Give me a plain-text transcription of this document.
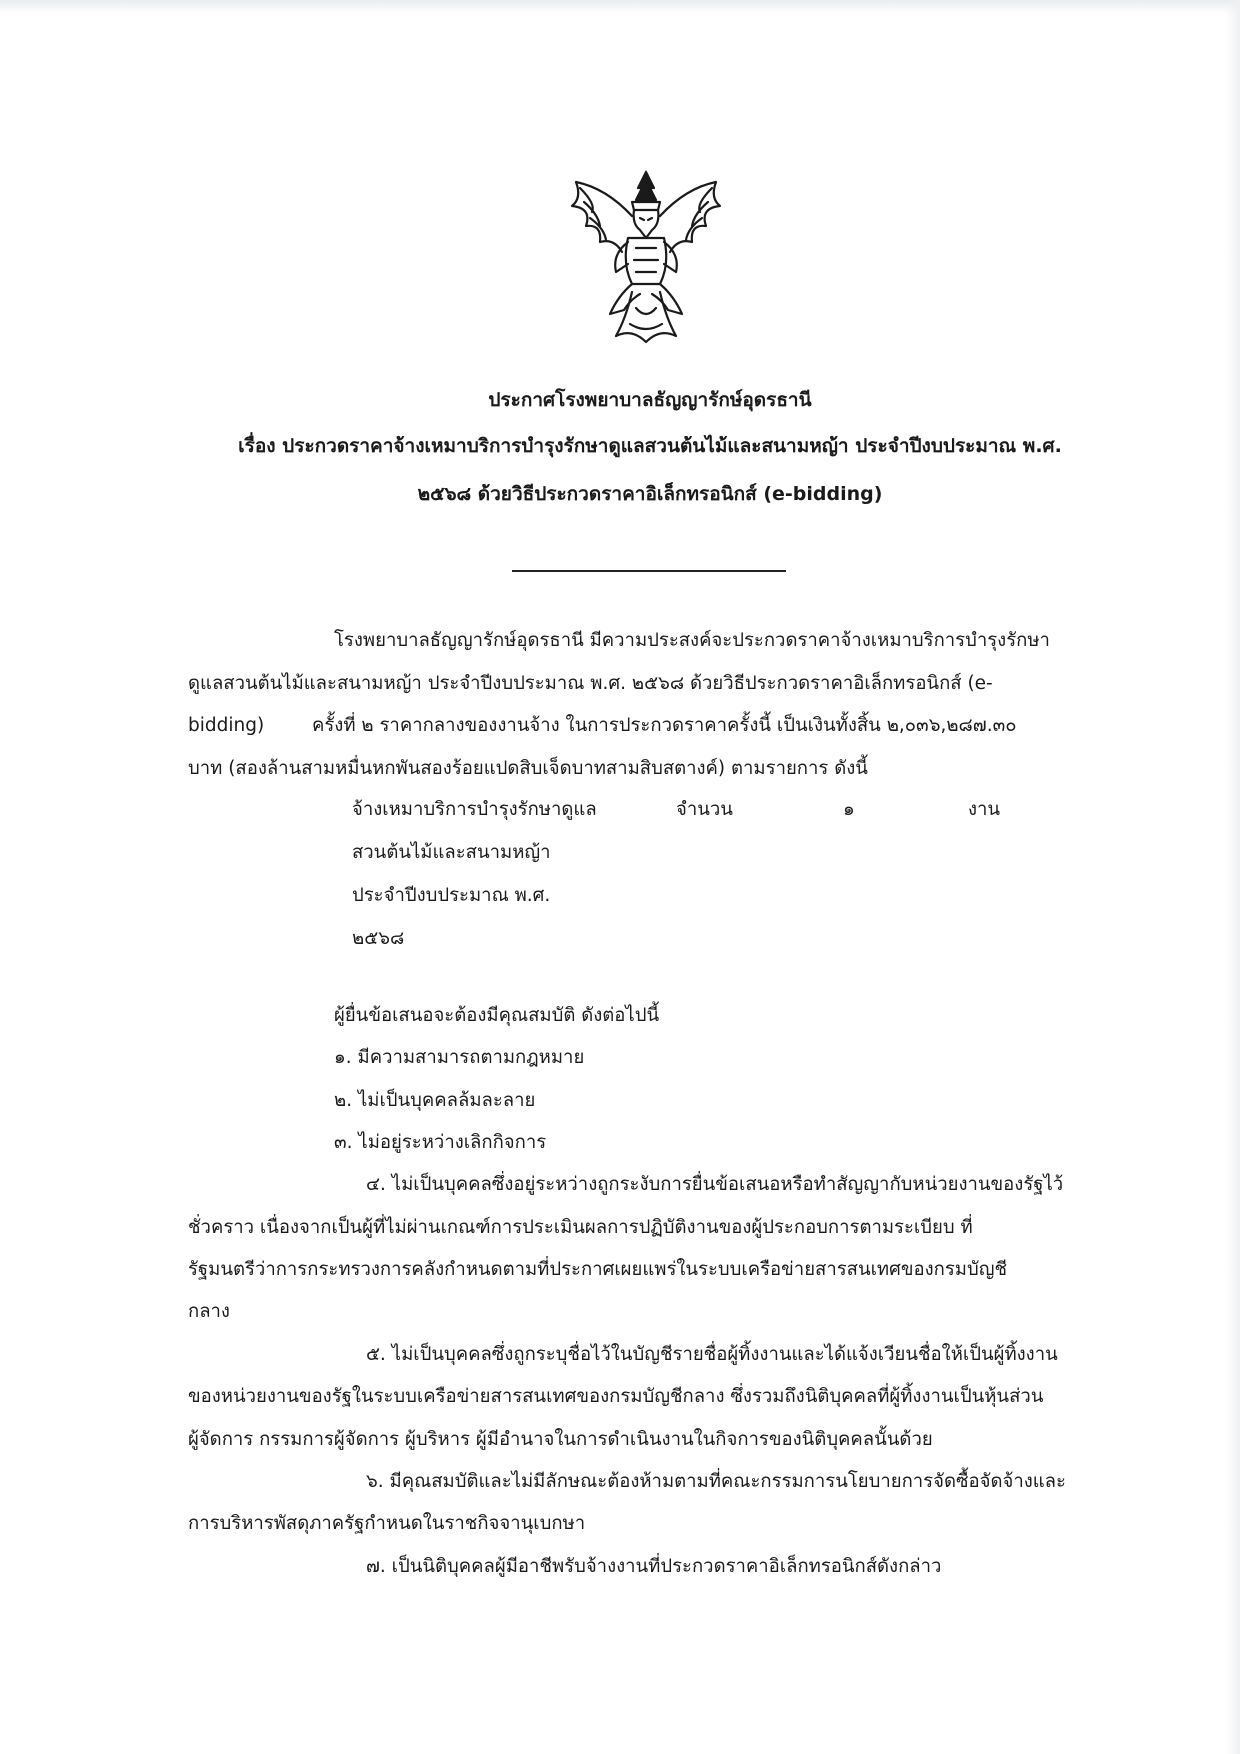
ประกาศโรงพยาบาลธัญญารักษ์อุดรธานี
เรื่อง ประกวดราคาจ้างเหมาบริการบำรุงรักษาดูแลสวนต้นไม้และสนามหญ้า ประจำปีงบประมาณ พ.ศ.
๒๕๖๘ ด้วยวิธีประกวดราคาอิเล็กทรอนิกส์ (e-bidding)
โรงพยาบาลธัญญารักษ์อุดรธานี มีความประสงค์จะประกวดราคาจ้างเหมาบริการบำรุงรักษา
ดูแลสวนต้นไม้และสนามหญ้า ประจำปีงบประมาณ พ.ศ. ๒๕๖๘ ด้วยวิธีประกวดราคาอิเล็กทรอนิกส์ (e-
bidding)	ครั้งที่ ๒ ราคากลางของงานจ้าง ในการประกวดราคาครั้งนี้ เป็นเงินทั้งสิ้น ๒,๐๓๖,๒๘๗.๓๐
บาท (สองล้านสามหมื่นหกพันสองร้อยแปดสิบเจ็ดบาทสามสิบสตางค์) ตามรายการ ดังนี้
จ้างเหมาบริการบำรุงรักษาดูแล
สวนต้นไม้และสนามหญ้า
ประจำปีงบประมาณ พ.ศ.
๒๕๖๘
จำนวน	๑	งาน
ผู้ยื่นข้อเสนอจะต้องมีคุณสมบัติ ดังต่อไปนี้
๑. มีความสามารถตามกฎหมาย
๒. ไม่เป็นบุคคลล้มละลาย
๓. ไม่อยู่ระหว่างเลิกกิจการ
๔. ไม่เป็นบุคคลซึ่งอยู่ระหว่างถูกระงับการยื่นข้อเสนอหรือทำสัญญากับหน่วยงานของรัฐไว้
ชั่วคราว เนื่องจากเป็นผู้ที่ไม่ผ่านเกณฑ์การประเมินผลการปฏิบัติงานของผู้ประกอบการตามระเบียบ ที่
รัฐมนตรีว่าการกระทรวงการคลังกำหนดตามที่ประกาศเผยแพร่ในระบบเครือข่ายสารสนเทศของกรมบัญชี
กลาง
๕. ไม่เป็นบุคคลซึ่งถูกระบุชื่อไว้ในบัญชีรายชื่อผู้ทิ้งงานและได้แจ้งเวียนชื่อให้เป็นผู้ทิ้งงาน
ของหน่วยงานของรัฐในระบบเครือข่ายสารสนเทศของกรมบัญชีกลาง ซึ่งรวมถึงนิติบุคคลที่ผู้ทิ้งงานเป็นหุ้นส่วน
ผู้จัดการ กรรมการผู้จัดการ ผู้บริหาร ผู้มีอำนาจในการดำเนินงานในกิจการของนิติบุคคลนั้นด้วย
๖. มีคุณสมบัติและไม่มีลักษณะต้องห้ามตามที่คณะกรรมการนโยบายการจัดซื้อจัดจ้างและ
การบริหารพัสดุภาครัฐกำหนดในราชกิจจานุเบกษา
๗. เป็นนิติบุคคลผู้มีอาชีพรับจ้างงานที่ประกวดราคาอิเล็กทรอนิกส์ดังกล่าว
